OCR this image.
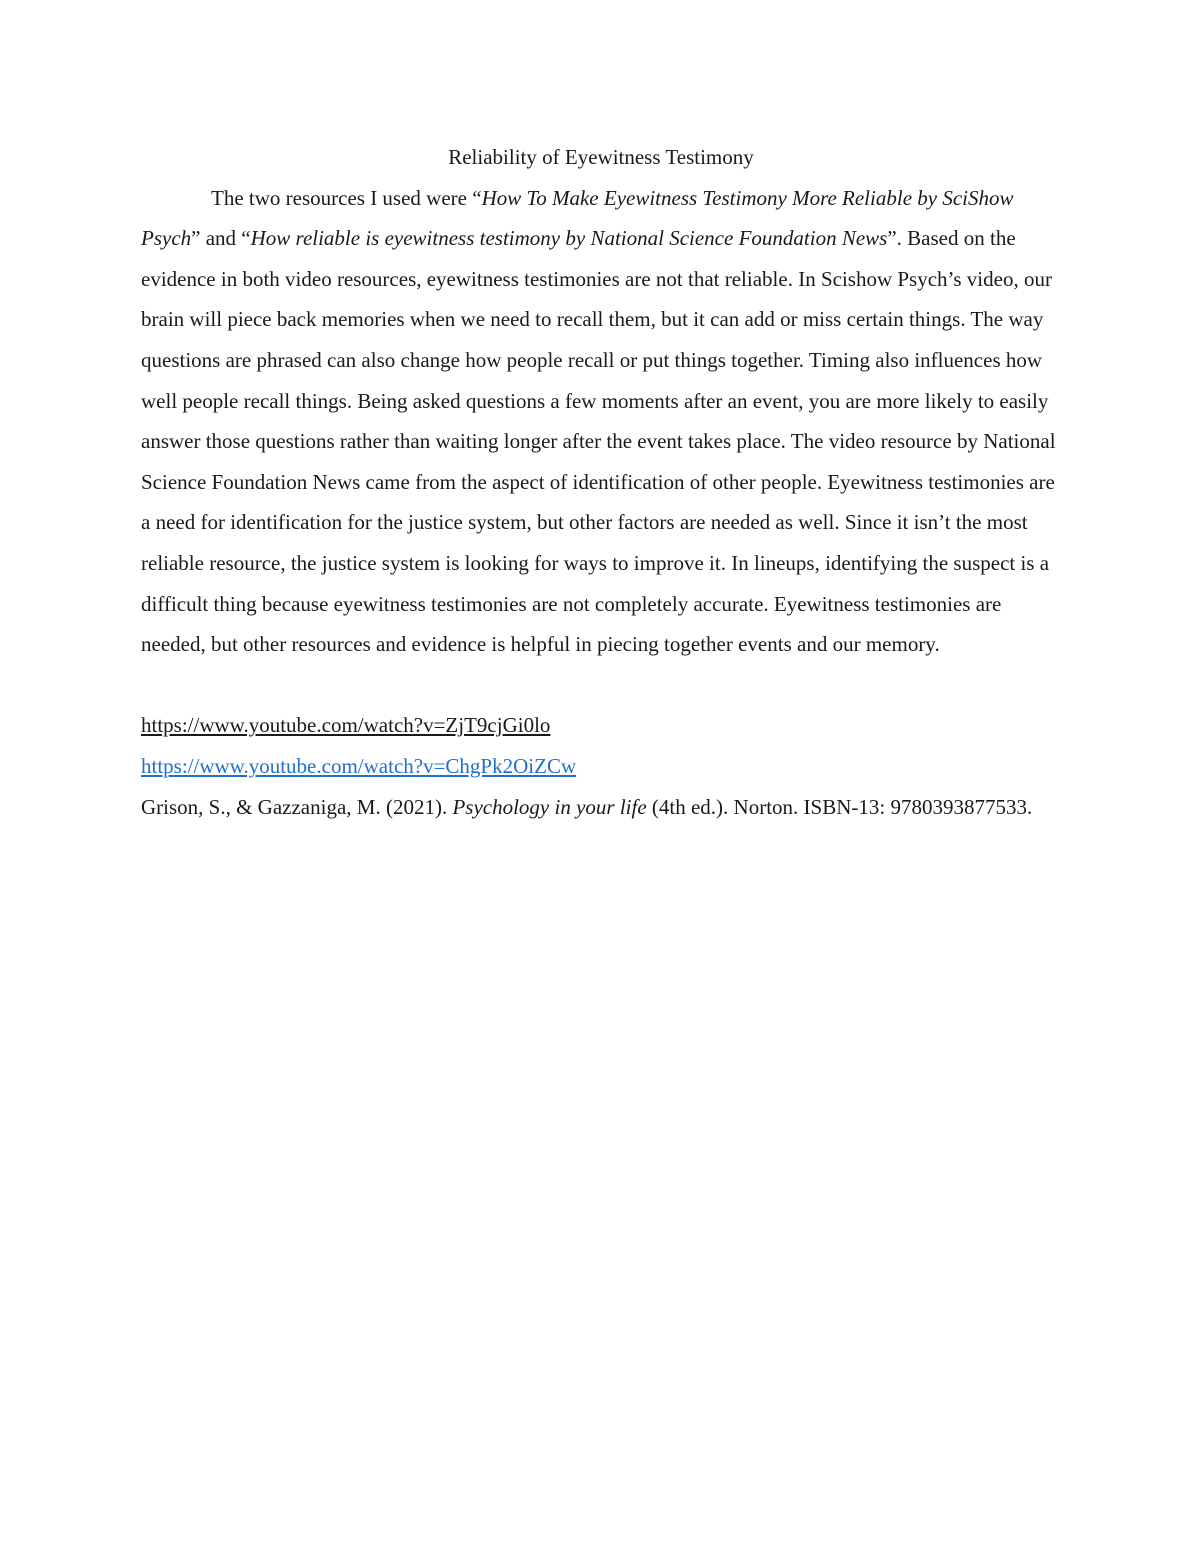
Reliability of Eyewitness Testimony

The two resources I used were “How To Make Eyewitness Testimony More Reliable by SciShow Psych” and “How reliable is eyewitness testimony by National Science Foundation News”. Based on the evidence in both video resources, eyewitness testimonies are not that reliable. In Scishow Psych’s video, our brain will piece back memories when we need to recall them, but it can add or miss certain things. The way questions are phrased can also change how people recall or put things together. Timing also influences how well people recall things. Being asked questions a few moments after an event, you are more likely to easily answer those questions rather than waiting longer after the event takes place. The video resource by National Science Foundation News came from the aspect of identification of other people. Eyewitness testimonies are a need for identification for the justice system, but other factors are needed as well. Since it isn’t the most reliable resource, the justice system is looking for ways to improve it. In lineups, identifying the suspect is a difficult thing because eyewitness testimonies are not completely accurate. Eyewitness testimonies are needed, but other resources and evidence is helpful in piecing together events and our memory.

https://www.youtube.com/watch?v=ZjT9cjGi0lo

https://www.youtube.com/watch?v=ChgPk2OiZCw

Grison, S., & Gazzaniga, M. (2021). Psychology in your life (4th ed.). Norton. ISBN-13: 9780393877533.
